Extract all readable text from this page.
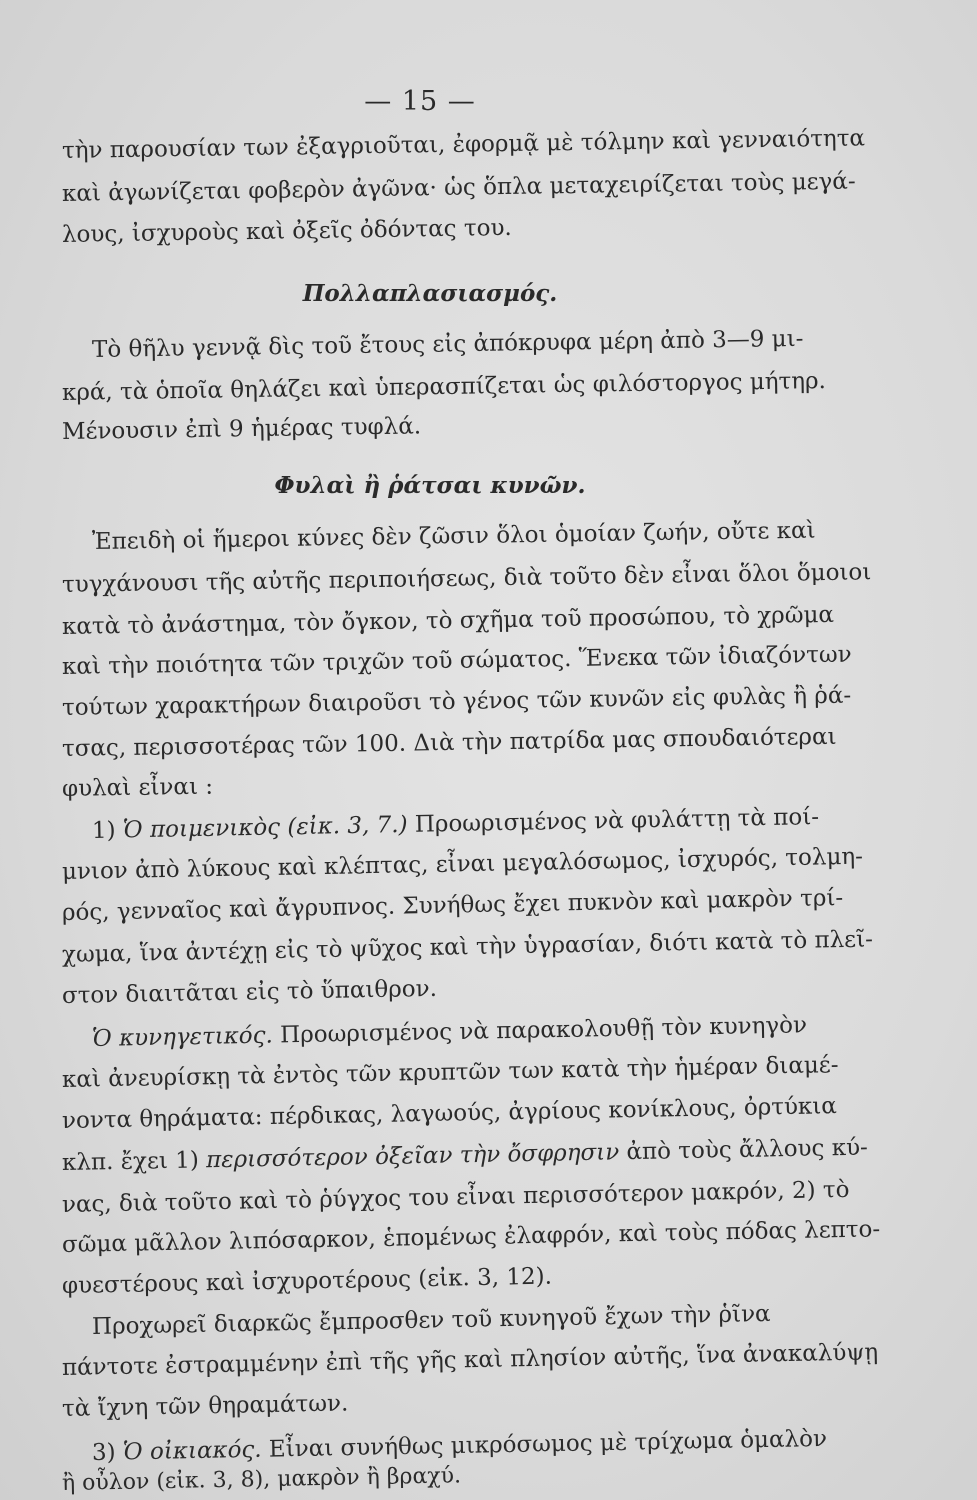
— 15 —
τὴν παρουσίαν των ἐξαγριοῦται, ἐφορμᾷ μὲ τόλμην καὶ γενναιότητα
καὶ ἀγωνίζεται φοβερὸν ἀγῶνα· ὡς ὅπλα μεταχειρίζεται τοὺς μεγά-
λους, ἰσχυροὺς καὶ ὀξεῖς ὀδόντας του.
Πολλαπλασιασμός.
Τὸ θῆλυ γεννᾷ δὶς τοῦ ἔτους εἰς ἀπόκρυφα μέρη ἀπὸ 3—9 μι-
κρά, τὰ ὁποῖα θηλάζει καὶ ὑπερασπίζεται ὡς φιλόστοργος μήτηρ.
Μένουσιν ἐπὶ 9 ἡμέρας τυφλά.
Φυλαὶ ἢ ῥάτσαι κυνῶν.
Ἐπειδὴ οἱ ἥμεροι κύνες δὲν ζῶσιν ὅλοι ὁμοίαν ζωήν, οὔτε καὶ
τυγχάνουσι τῆς αὐτῆς περιποιήσεως, διὰ τοῦτο δὲν εἶναι ὅλοι ὅμοιοι
κατὰ τὸ ἀνάστημα, τὸν ὄγκον, τὸ σχῆμα τοῦ προσώπου, τὸ χρῶμα
καὶ τὴν ποιότητα τῶν τριχῶν τοῦ σώματος. Ἕνεκα τῶν ἰδιαζόντων
τούτων χαρακτήρων διαιροῦσι τὸ γένος τῶν κυνῶν εἰς φυλὰς ἢ ῥά-
τσας, περισσοτέρας τῶν 100. Διὰ τὴν πατρίδα μας σπουδαιότεραι
φυλαὶ εἶναι :
1) Ὁ ποιμενικὸς (εἰκ. 3, 7.) Προωρισμένος νὰ φυλάττῃ τὰ ποί-
μνιον ἀπὸ λύκους καὶ κλέπτας, εἶναι μεγαλόσωμος, ἰσχυρός, τολμη-
ρός, γενναῖος καὶ ἄγρυπνος. Συνήθως ἔχει πυκνὸν καὶ μακρὸν τρί-
χωμα, ἵνα ἀντέχῃ εἰς τὸ ψῦχος καὶ τὴν ὑγρασίαν, διότι κατὰ τὸ πλεῖ-
στον διαιτᾶται εἰς τὸ ὕπαιθρον.
Ὁ κυνηγετικός. Προωρισμένος νὰ παρακολουθῇ τὸν κυνηγὸν
καὶ ἀνευρίσκῃ τὰ ἐντὸς τῶν κρυπτῶν των κατὰ τὴν ἡμέραν διαμέ-
νοντα θηράματα: πέρδικας, λαγωούς, ἀγρίους κονίκλους, ὀρτύκια
κλπ. ἔχει 1) περισσότερον ὀξεῖαν τὴν ὄσφρησιν ἀπὸ τοὺς ἄλλους κύ-
νας, διὰ τοῦτο καὶ τὸ ῥύγχος του εἶναι περισσότερον μακρόν, 2) τὸ
σῶμα μᾶλλον λιπόσαρκον, ἑπομένως ἐλαφρόν, καὶ τοὺς πόδας λεπτο-
φυεστέρους καὶ ἰσχυροτέρους (εἰκ. 3, 12).
Προχωρεῖ διαρκῶς ἔμπροσθεν τοῦ κυνηγοῦ ἔχων τὴν ῥῖνα
πάντοτε ἐστραμμένην ἐπὶ τῆς γῆς καὶ πλησίον αὐτῆς, ἵνα ἀνακαλύψῃ
τὰ ἴχνη τῶν θηραμάτων.
3) Ὁ οἰκιακός. Εἶναι συνήθως μικρόσωμος μὲ τρίχωμα ὁμαλὸν
ἢ οὖλον (εἰκ. 3, 8), μακρὸν ἢ βραχύ.
